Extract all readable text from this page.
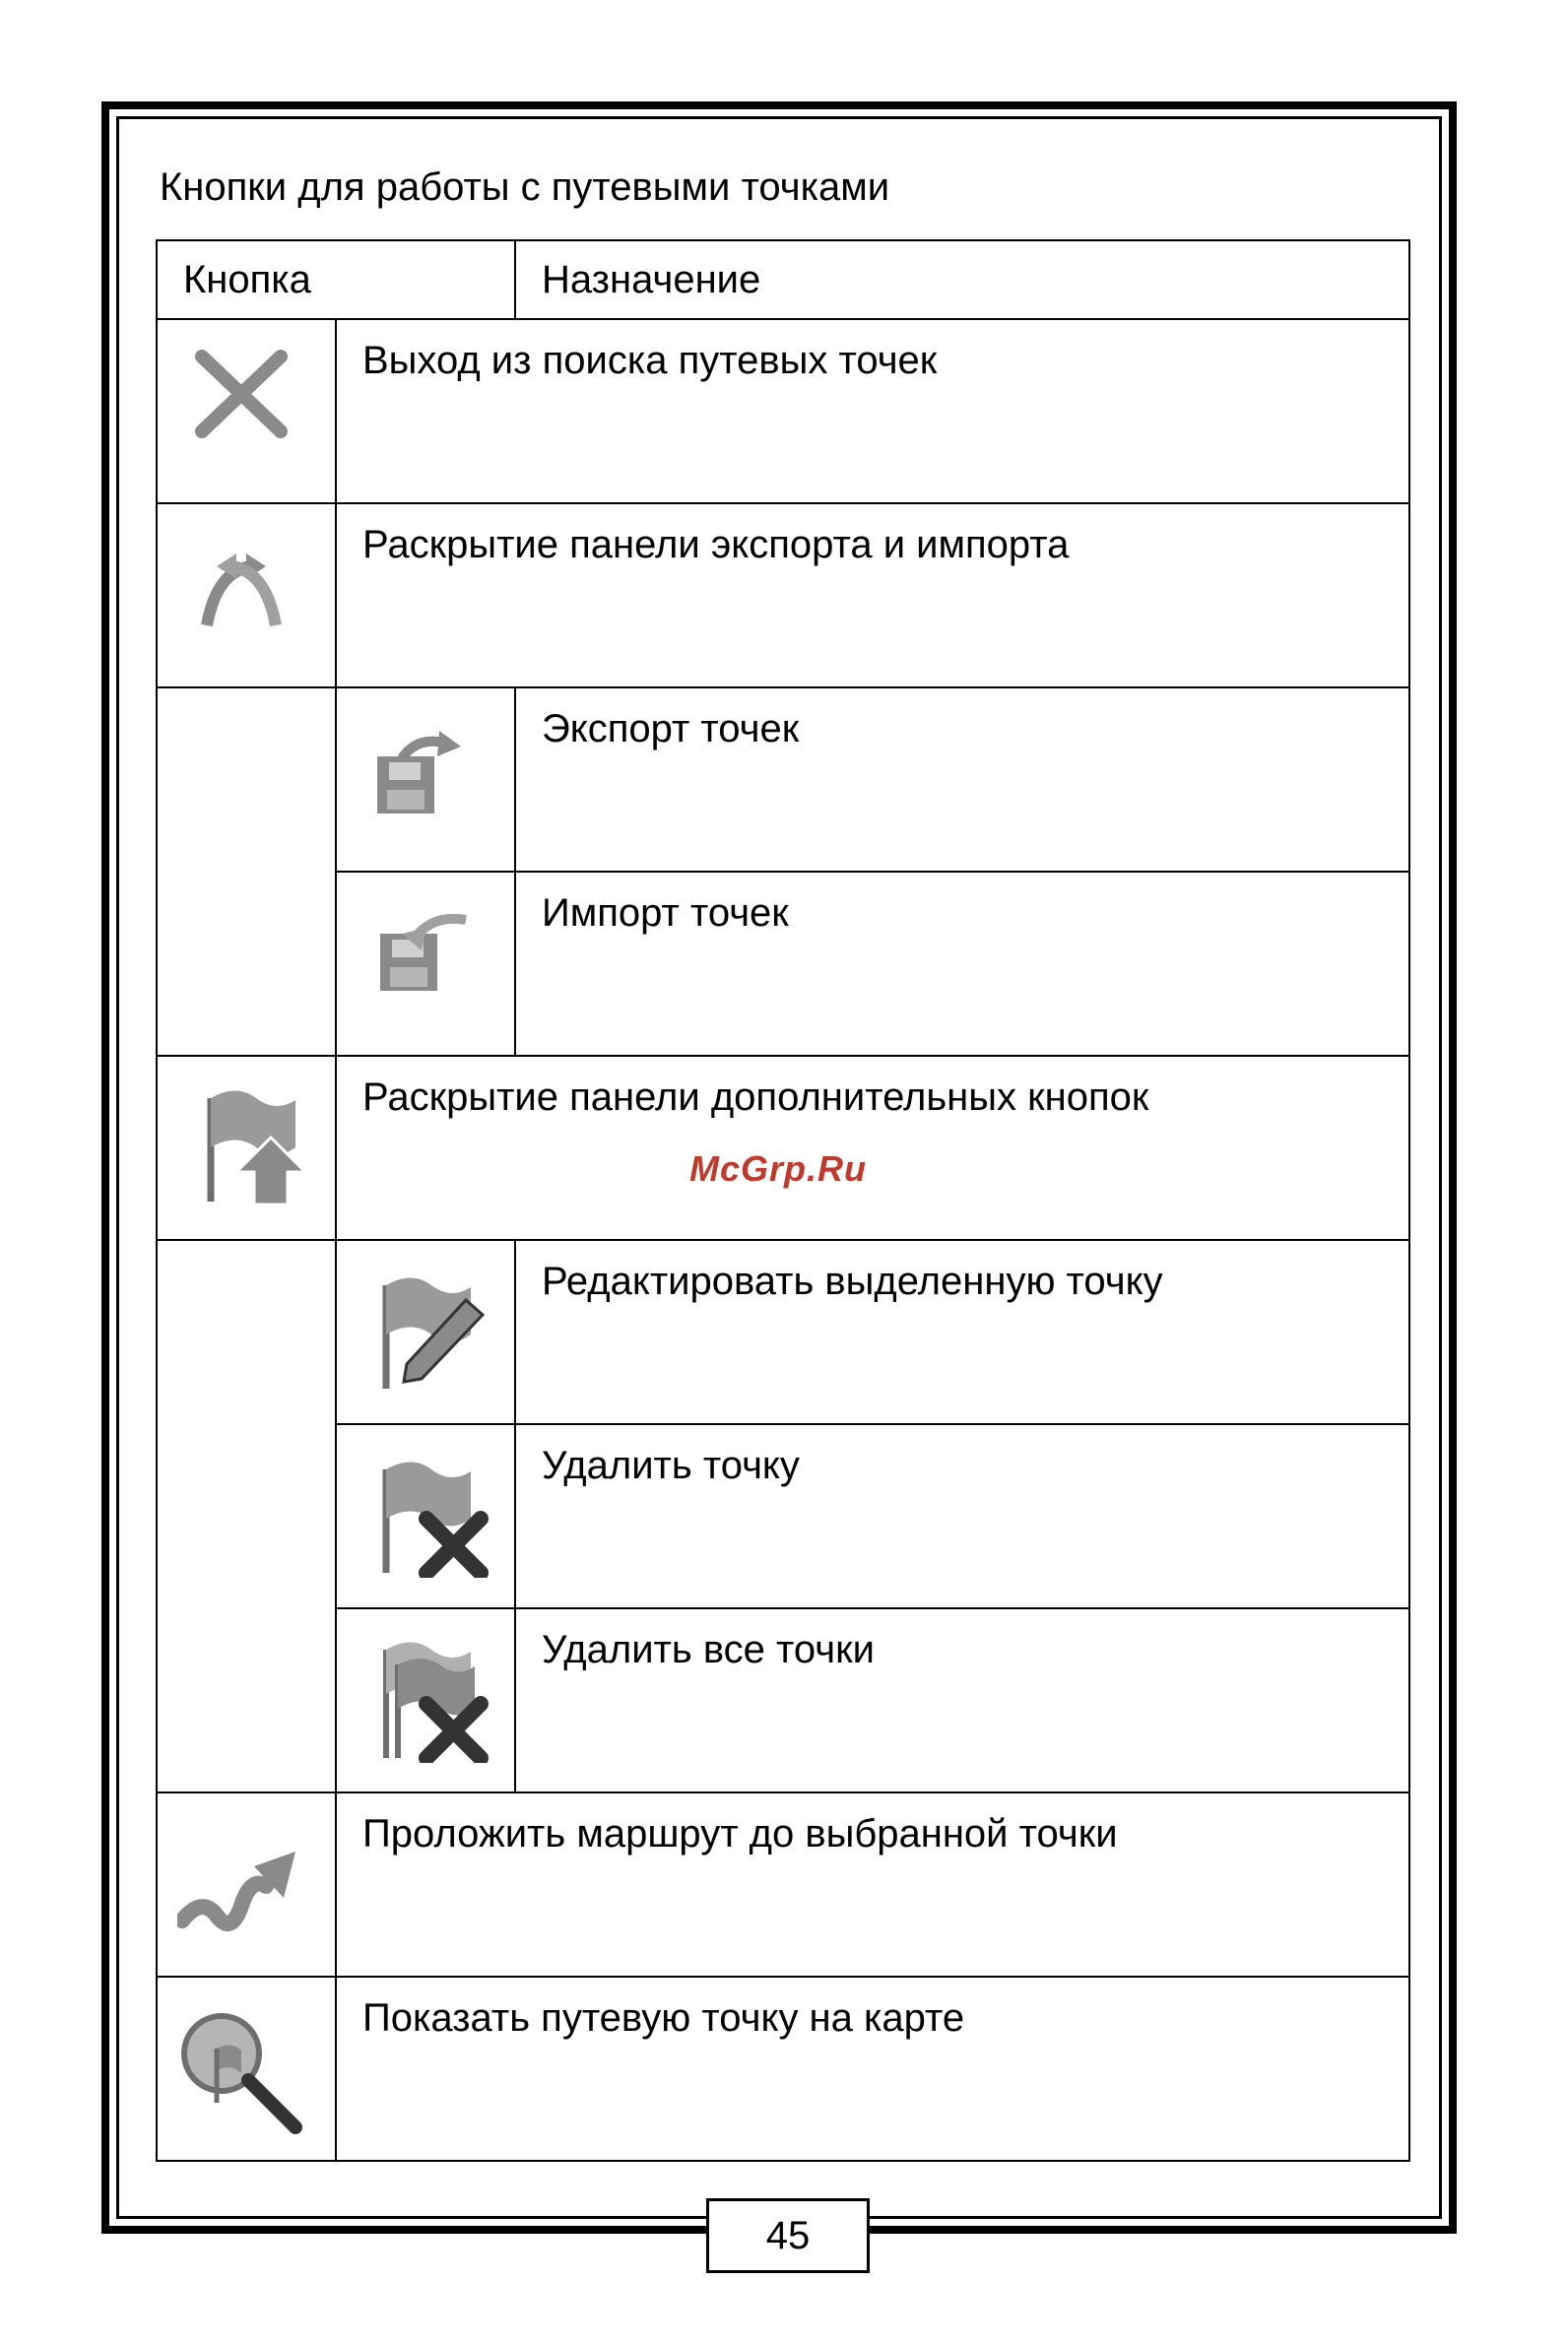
Кнопки для работы с путевыми точками
Кнопка	Назначение
Выход из поиска путевых точек
Раскрытие панели экспорта и импорта
Экспорт точек
Импорт точек
Раскрытие панели дополнительных кнопок
McGrp.Ru
Редактировать выделенную точку
Удалить точку
Удалить все точки
Проложить маршрут до выбранной точки
Показать путевую точку на карте
45
